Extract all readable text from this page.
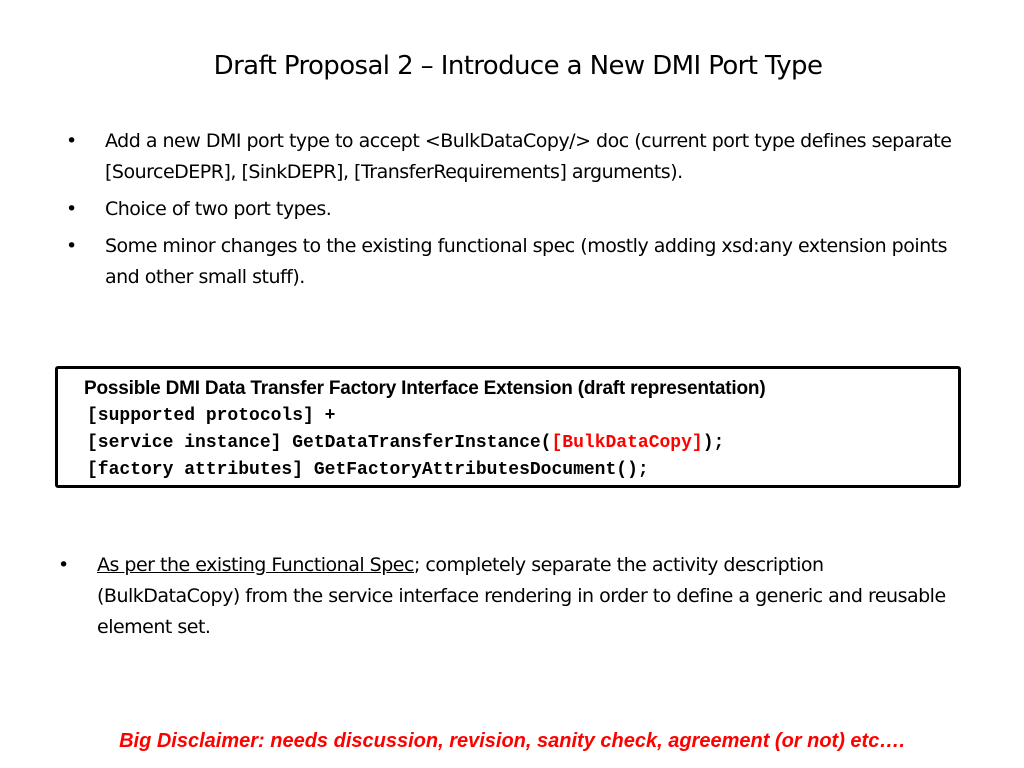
Draft Proposal 2 – Introduce a New DMI Port Type
• Add a new DMI port type to accept <BulkDataCopy/> doc (current port type defines separate [SourceDEPR], [SinkDEPR], [TransferRequirements] arguments).
• Choice of two port types.
• Some minor changes to the existing functional spec (mostly adding xsd:any extension points and other small stuff).
Possible DMI Data Transfer Factory Interface Extension (draft representation)
[supported protocols] +
[service instance] GetDataTransferInstance([BulkDataCopy]);
[factory attributes] GetFactoryAttributesDocument();
• As per the existing Functional Spec; completely separate the activity description (BulkDataCopy) from the service interface rendering in order to define a generic and reusable element set.
Big Disclaimer: needs discussion, revision, sanity check, agreement (or not) etc….
